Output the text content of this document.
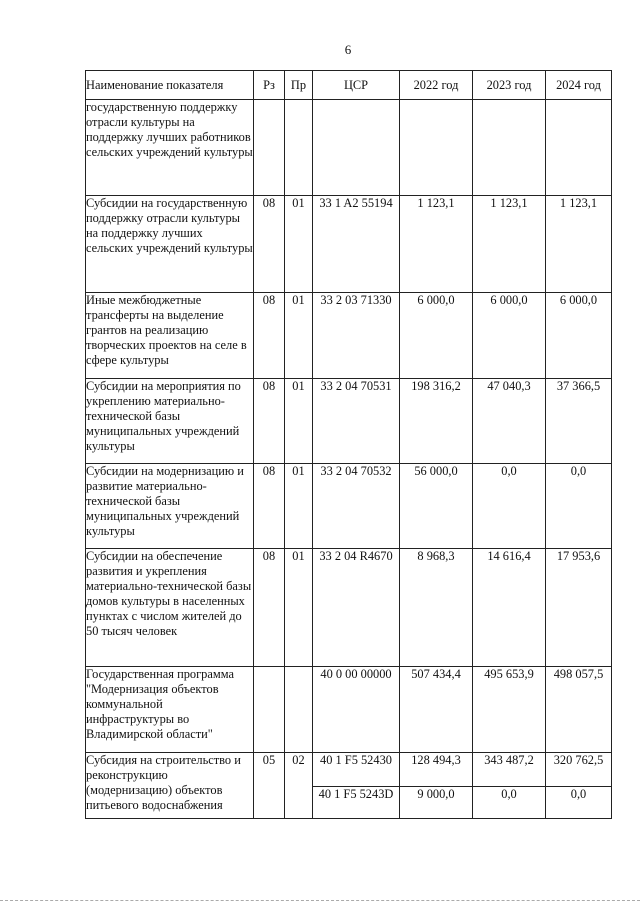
6
Наименование показателя	Рз	Пр	ЦСР	2022 год	2023 год	2024 год
государственную поддержку отрасли культуры на поддержку лучших работников сельских учреждений культуры						
Субсидии на государственную поддержку отрасли культуры на поддержку лучших сельских учреждений культуры	08	01	33 1 A2 55194	1 123,1	1 123,1	1 123,1
Иные межбюджетные трансферты на выделение грантов на реализацию творческих проектов на селе в сфере культуры	08	01	33 2 03 71330	6 000,0	6 000,0	6 000,0
Субсидии на мероприятия по укреплению материально-технической базы муниципальных учреждений культуры	08	01	33 2 04 70531	198 316,2	47 040,3	37 366,5
Субсидии на модернизацию и развитие материально-технической базы муниципальных учреждений культуры	08	01	33 2 04 70532	56 000,0	0,0	0,0
Субсидии на обеспечение развития и укрепления материально-технической базы домов культуры в населенных пунктах с числом жителей до 50 тысяч человек	08	01	33 2 04 R4670	8 968,3	14 616,4	17 953,6
Государственная программа "Модернизация объектов коммунальной инфраструктуры во Владимирской области"			40 0 00 00000	507 434,4	495 653,9	498 057,5
Субсидия на строительство и реконструкцию (модернизацию) объектов питьевого водоснабжения	05	02	40 1 F5 52430	128 494,3	343 487,2	320 762,5
			40 1 F5 5243D	9 000,0	0,0	0,0
